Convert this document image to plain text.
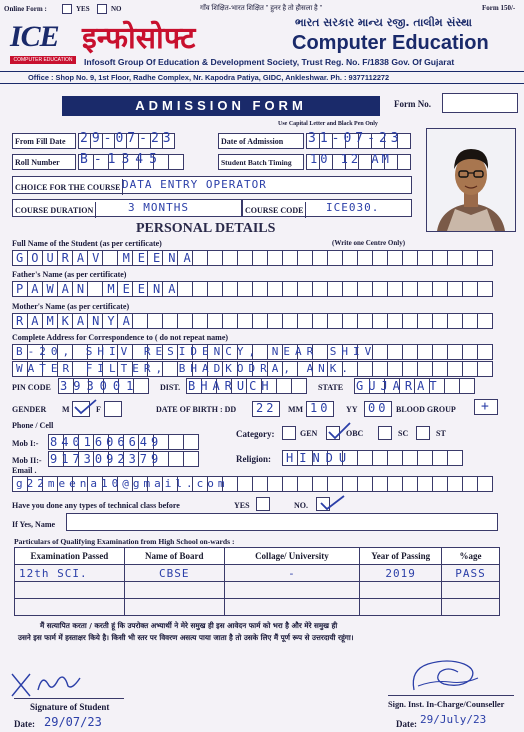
Online Form :	YES	NO	गाँव शिक्षित-भारत शिक्षित " हुनर है तो हौसला है "	Form 150/-
ICE
COMPUTER EDUCATION
इन्फोसोफ्ट	ભારત સરકાર માન્ય રજી. તાલીમ સંસ્થા
Computer Education
Infosoft Group Of Education & Development Society, Trust Reg. No. F/1838 Gov. Of Gujarat
Office : Shop No. 9, 1st Floor, Radhe Complex, Nr. Kapodra Patiya, GIDC, Ankleshwar. Ph. : 9377112272
ADMISSION FORM	Form No.
Use Capital Letter and Black Pen Only
From Fill Date	29-07-23	Date of Admission	31-07-23
Roll Number	B-1345	Student Batch Timing	10 12 AM
CHOICE FOR THE COURSE DATA ENTRY OPERATOR
COURSE DURATION	3 MONTHS	COURSE CODE	ICE030.
PERSONAL DETAILS
Full Name of the Student (as per certificate)	(Write one Centre Only)
GOURAV MEENA
Father's Name (as per certificate)
PAWAN MEENA
Mother's Name (as per certificate)
RAMKANYA
Complete Address for Correspondence to ( do not repeat name)
B-20, SHIV RESIDENCY, NEAR SHIV
WATER FILTER, BHADKODRA, ANK.
PIN CODE 393001	DIST. BHARUCH	STATE GUJARAT
GENDER M	F	DATE OF BIRTH : DD 22 MM 10 YY 00 BLOOD GROUP +
Phone / Cell
Mob I:- 8401606649
Mob II:- 9173092379
Category:	GEN	OBC	SC	ST
Religion: HINDU
Email .
g22meena10@gmail.com
Have you done any types of technical class before	YES	NO.
If Yes, Name
Particulars of Qualifying Examination from High School on-wards :
Examination Passed	Name of Board	Collage/ University	Year of Passing	%age
12th SCI.	CBSE	-	2019	PASS

मैं सत्यापित करता / करती हूं कि उपरोक्त अभ्यार्थी ने मेरे समुख ही इस आवेदन फार्म को भरा है और मेरे समुख ही
उसने इस फार्म में हस्ताक्षर किये है। किसी भी स्तर पर विवरण असत्य पाया जाता है तो उसके लिए मैं पूर्ण रूप से उत्तरदायी रहूंगा।
Signature of Student
Date: 29/07/23
Sign. Inst. In-Charge/Counseller
Date: 29/July/23
